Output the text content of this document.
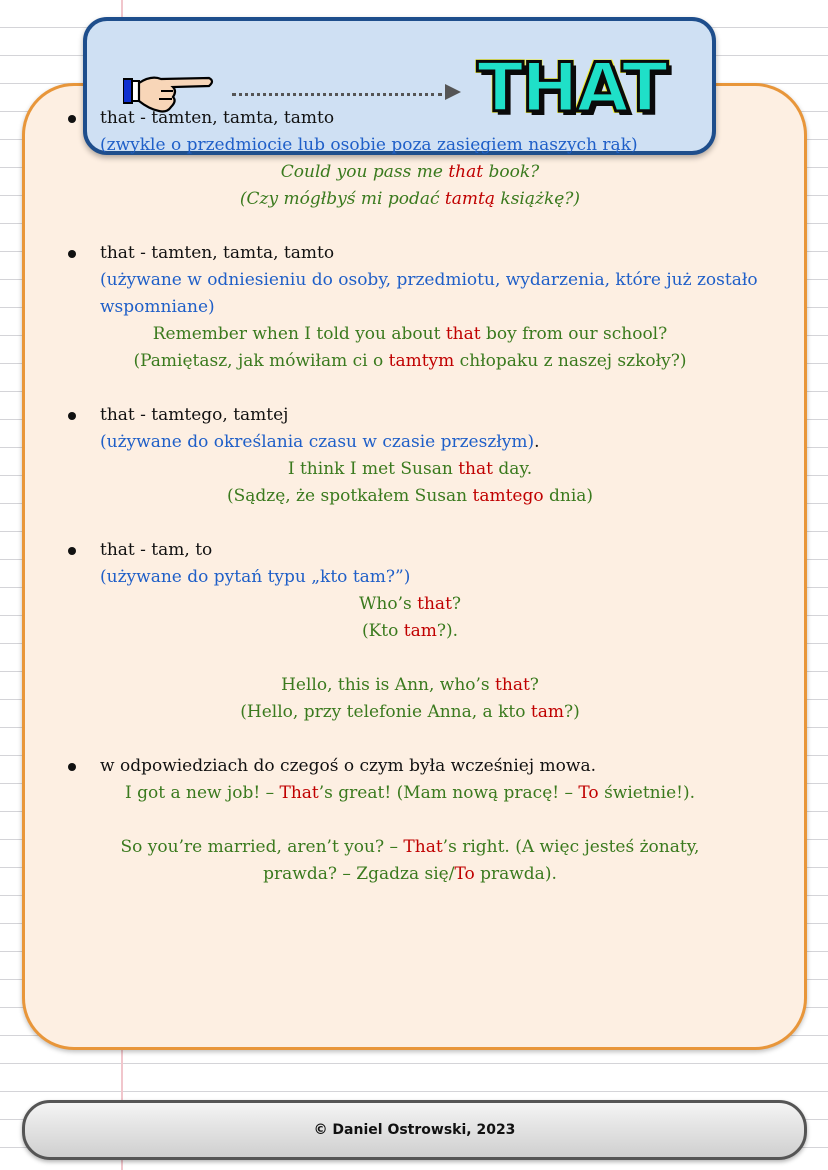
THAT
that - tamten, tamta, tamto
(zwykle o przedmiocie lub osobie poza zasięgiem naszych rąk)
Could you pass me that book?
(Czy mógłbyś mi podać tamtą książkę?)
that - tamten, tamta, tamto
(używane w odniesieniu do osoby, przedmiotu, wydarzenia, które już zostało wspomniane)
Remember when I told you about that boy from our school?
(Pamiętasz, jak mówiłam ci o tamtym chłopaku z naszej szkoły?)
that - tamtego, tamtej
(używane do określania czasu w czasie przeszłym).
I think I met Susan that day.
(Sądzę, że spotkałem Susan tamtego dnia)
that - tam, to
(używane do pytań typu „kto tam?”)
Who’s that?
(Kto tam?).
Hello, this is Ann, who’s that?
(Hello, przy telefonie Anna, a kto tam?)
w odpowiedziach do czegoś o czym była wcześniej mowa.
I got a new job! – That’s great! (Mam nową pracę! – To świetnie!).
So you’re married, aren’t you? – That’s right. (A więc jesteś żonaty,
prawda? – Zgadza się/To prawda).
© Daniel Ostrowski, 2023
